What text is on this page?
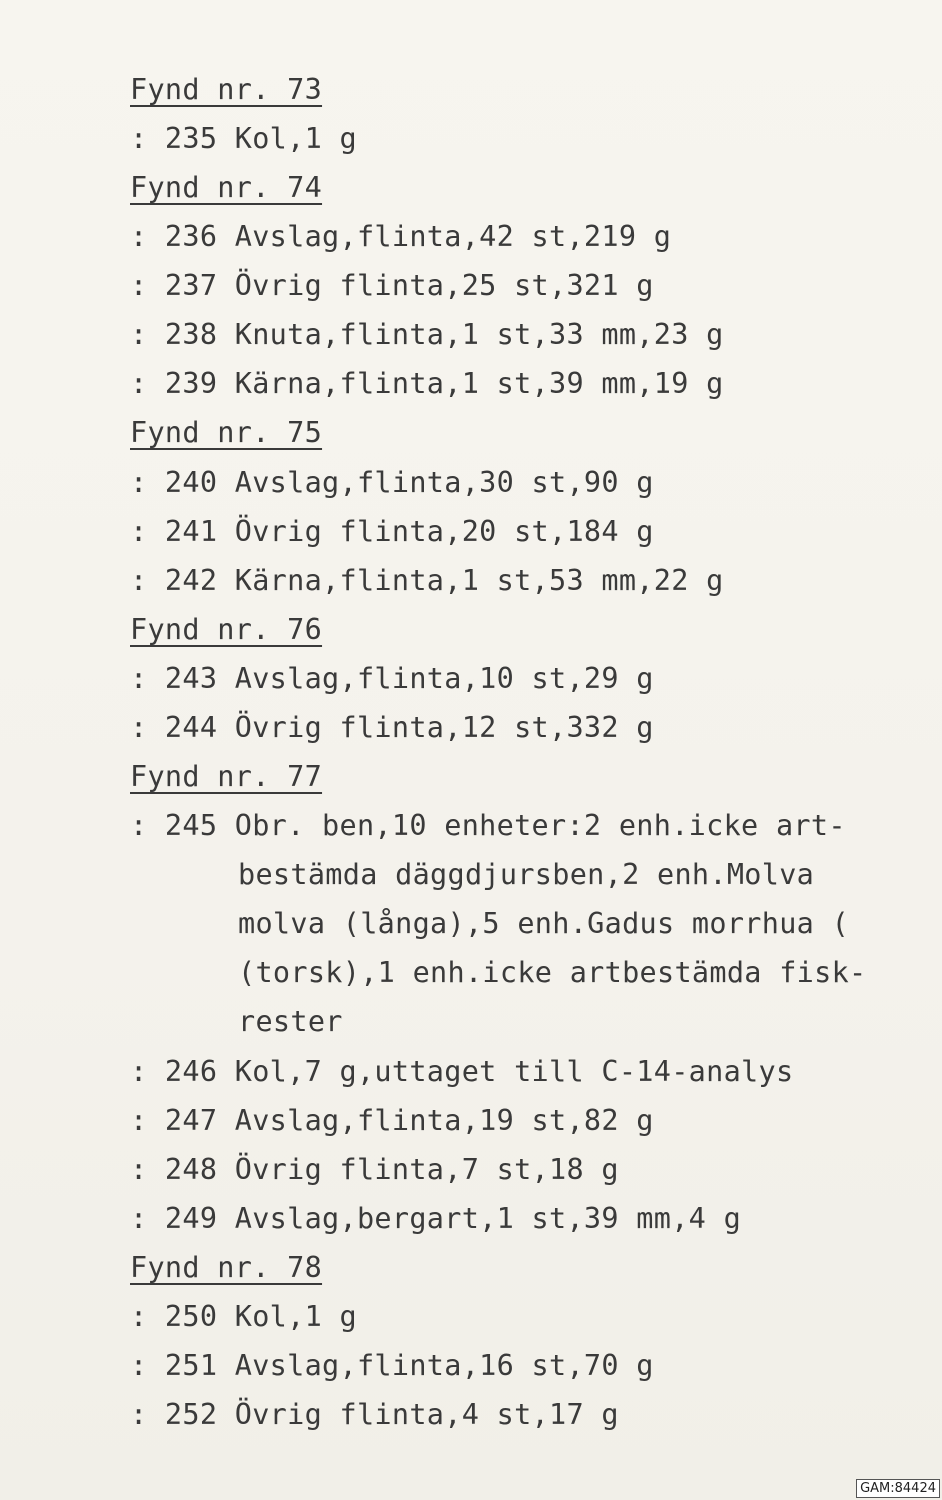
Fynd nr. 73
: 235 Kol,1 g
Fynd nr. 74
: 236 Avslag,flinta,42 st,219 g
: 237 Övrig flinta,25 st,321 g
: 238 Knuta,flinta,1 st,33 mm,23 g
: 239 Kärna,flinta,1 st,39 mm,19 g
Fynd nr. 75
: 240 Avslag,flinta,30 st,90 g
: 241 Övrig flinta,20 st,184 g
: 242 Kärna,flinta,1 st,53 mm,22 g
Fynd nr. 76
: 243 Avslag,flinta,10 st,29 g
: 244 Övrig flinta,12 st,332 g
Fynd nr. 77
: 245 Obr. ben,10 enheter:2 enh.icke art-
bestämda däggdjursben,2 enh.Molva
molva (långa),5 enh.Gadus morrhua (
(torsk),1 enh.icke artbestämda fisk-
rester
: 246 Kol,7 g,uttaget till C-14-analys
: 247 Avslag,flinta,19 st,82 g
: 248 Övrig flinta,7 st,18 g
: 249 Avslag,bergart,1 st,39 mm,4 g
Fynd nr. 78
: 250 Kol,1 g
: 251 Avslag,flinta,16 st,70 g
: 252 Övrig flinta,4 st,17 g
GAM:84424
